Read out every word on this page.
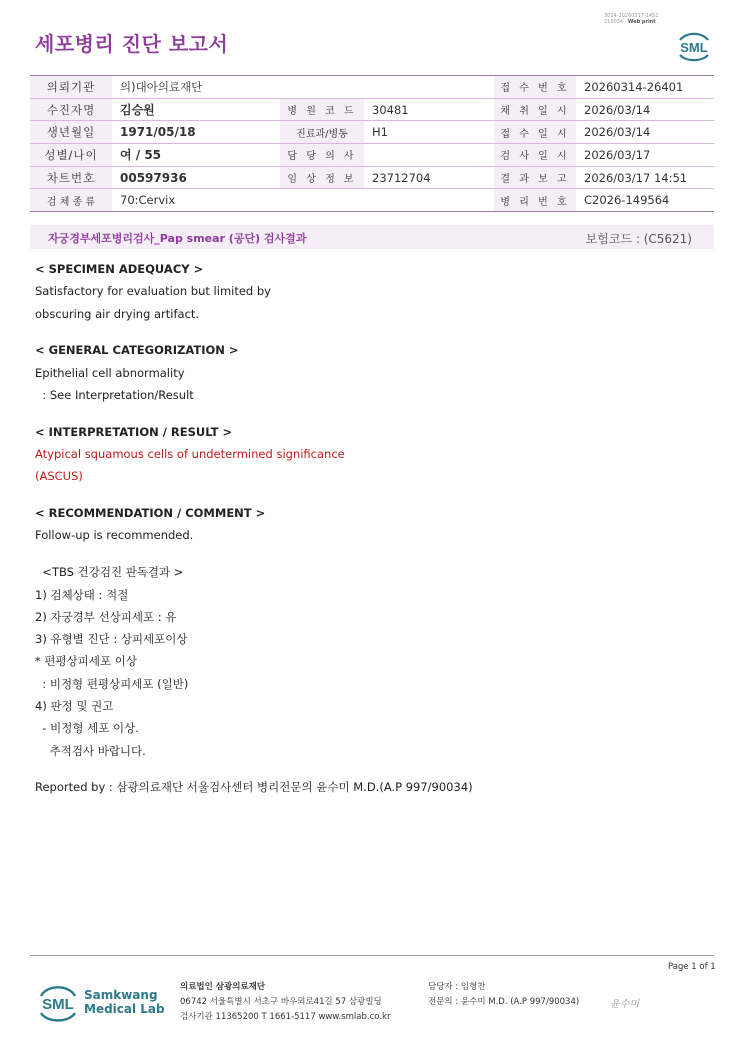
3014-20260317-1451
210034 Web print
세포병리 진단 보고서	SML
의뢰기관	의)대아의료재단			접 수 번 호	20260314-26401
수진자명	김승원	병 원 코 드	30481	채 취 일 시	2026/03/14
생년월일	1971/05/18	진료과/병동	H1	접 수 일 시	2026/03/14
성별/나이	여 / 55	담 당 의 사		검 사 일 시	2026/03/17
차트번호	00597936	임 상 정 보	23712704	결 과 보 고	2026/03/17 14:51
검 체 종 류	70:Cervix			병 리 번 호	C2026-149564
자궁경부세포병리검사_Pap smear (공단) 검사결과	보험코드 : (C5621)
< SPECIMEN ADEQUACY >
Satisfactory for evaluation but limited by
obscuring air drying artifact.
< GENERAL CATEGORIZATION >
Epithelial cell abnormality
: See Interpretation/Result
< INTERPRETATION / RESULT >
Atypical squamous cells of undetermined significance
(ASCUS)
< RECOMMENDATION / COMMENT >
Follow-up is recommended.
<TBS 건강검진 판독결과 >
1) 검체상태 : 적절
2) 자궁경부 선상피세포 : 유
3) 유형별 진단 : 상피세포이상
* 편평상피세포 이상
: 비정형 편평상피세포 (일반)
4) 판정 및 권고
- 비정형 세포 이상.
추적검사 바랍니다.
Reported by : 삼광의료재단 서울검사센터 병리전문의 윤수미 M.D.(A.P 997/90034)
Page 1 of 1
SML
Samkwang
Medical Lab
의료법인 삼광의료재단
06742 서울특별시 서초구 바우뫼로41길 57 삼광빌딩
검사기관 11365200 T 1661-5117 www.smlab.co.kr
담당자 : 임형찬
전문의 : 윤수미 M.D. (A.P 997/90034)	윤수미
